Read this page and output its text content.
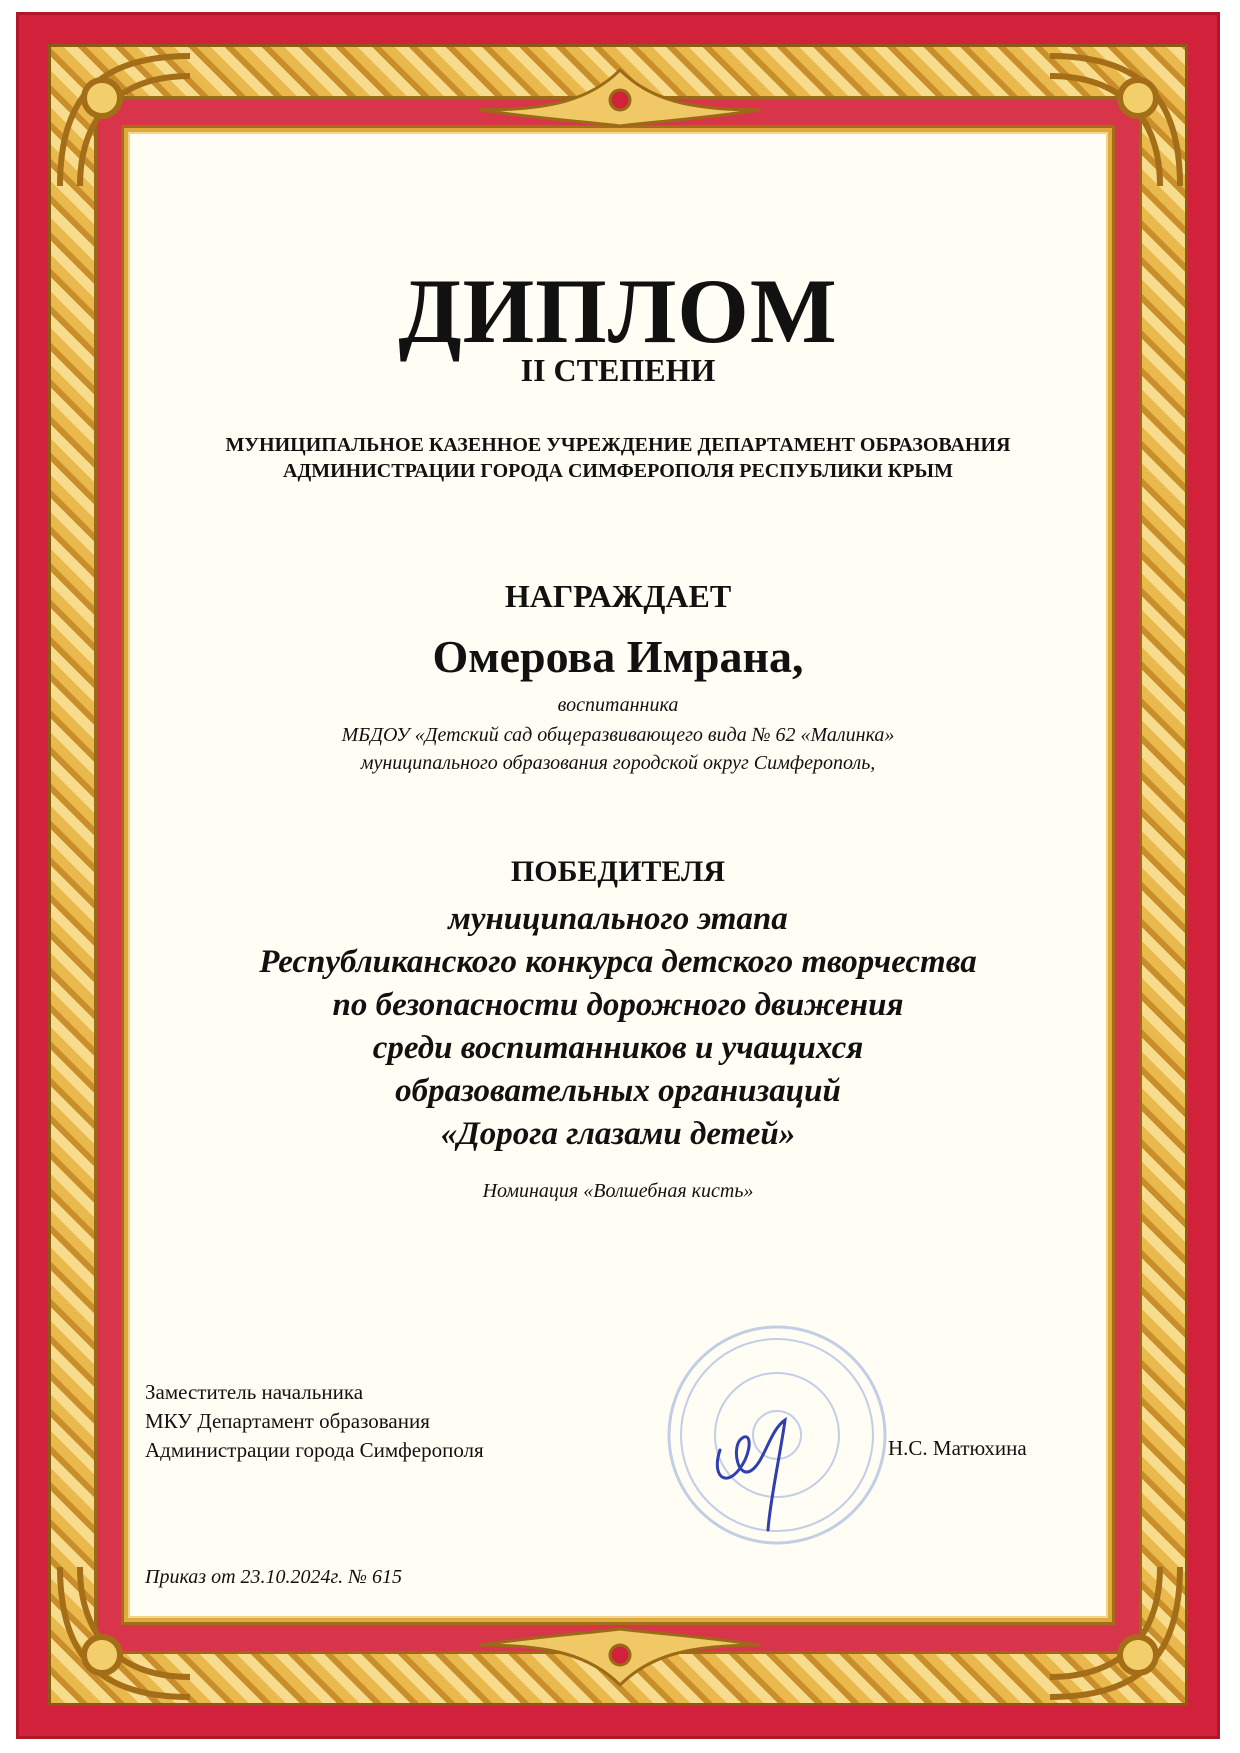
ДИПЛОМ
II СТЕПЕНИ
МУНИЦИПАЛЬНОЕ КАЗЕННОЕ УЧРЕЖДЕНИЕ ДЕПАРТАМЕНТ ОБРАЗОВАНИЯ
АДМИНИСТРАЦИИ ГОРОДА СИМФЕРОПОЛЯ РЕСПУБЛИКИ КРЫМ
НАГРАЖДАЕТ
Омерова Имрана,
воспитанника
МБДОУ «Детский сад общеразвивающего вида № 62 «Малинка»
муниципального образования городской округ Симферополь,
ПОБЕДИТЕЛЯ
муниципального этапа
Республиканского конкурса детского творчества
по безопасности дорожного движения
среди воспитанников и учащихся
образовательных организаций
«Дорога глазами детей»
Номинация «Волшебная кисть»
Заместитель начальника
МКУ Департамент образования
Администрации города Симферополя	Н.С. Матюхина
Приказ от 23.10.2024г. № 615
